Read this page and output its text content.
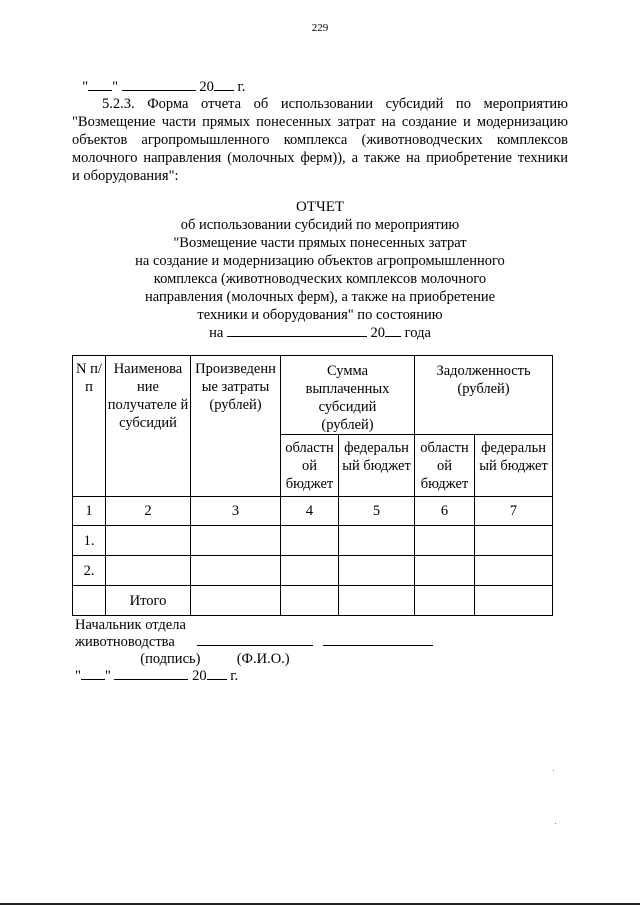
229

" "	20 г.

5.2.3. Форма отчета об использовании субсидий по мероприятию
"Возмещение части прямых понесенных затрат на создание и модернизацию
объектов агропромышленного комплекса (животноводческих комплексов
молочного направления (молочных ферм)), а также на приобретение техники
и оборудования":
ОТЧЕТ
об использовании субсидий по мероприятию
"Возмещение части прямых понесенных затрат
на создание и модернизацию объектов агропромышленного
комплекса (животноводческих комплексов молочного
направления (молочных ферм), а также на приобретение
техники и оборудования" по состоянию
на	20 года
N п/п	Наименова ние получателе й субсидий	Произведенн ые затраты (рублей)	Сумма выплаченных субсидий (рублей)		Задолженность (рублей)	
			областн ой бюджет	федеральн ый бюджет	областн ой бюджет	федеральн ый бюджет
1	2	3	4	5	6	7
1.						
2.						
	Итого					
Начальник отдела
животноводства
(подпись)	(Ф.И.О.)
" "	20 г.
